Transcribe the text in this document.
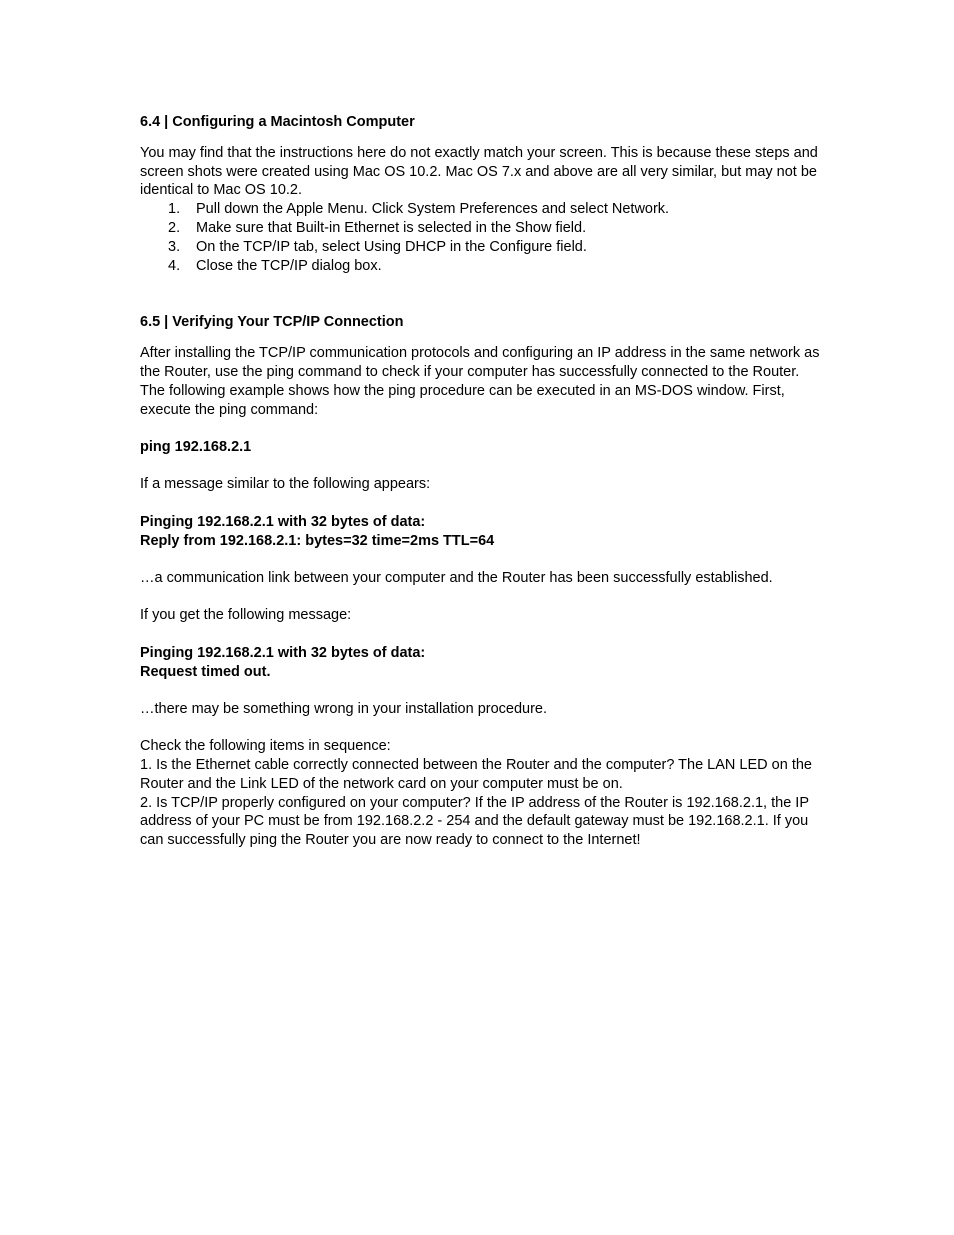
6.4 | Configuring a Macintosh Computer

You may find that the instructions here do not exactly match your screen. This is because these steps and screen shots were created using Mac OS 10.2. Mac OS 7.x and above are all very similar, but may not be identical to Mac OS 10.2.

1. Pull down the Apple Menu. Click System Preferences and select Network.
2. Make sure that Built-in Ethernet is selected in the Show field.
3. On the TCP/IP tab, select Using DHCP in the Configure field.
4. Close the TCP/IP dialog box.
6.5 | Verifying Your TCP/IP Connection

After installing the TCP/IP communication protocols and configuring an IP address in the same network as the Router, use the ping command to check if your computer has successfully connected to the Router. The following example shows how the ping procedure can be executed in an MS-DOS window. First, execute the ping command:

ping 192.168.2.1

If a message similar to the following appears:

Pinging 192.168.2.1 with 32 bytes of data:

Reply from 192.168.2.1: bytes=32 time=2ms TTL=64

…a communication link between your computer and the Router has been successfully established.

If you get the following message:

Pinging 192.168.2.1 with 32 bytes of data:

Request timed out.

…there may be something wrong in your installation procedure.

Check the following items in sequence:

1. Is the Ethernet cable correctly connected between the Router and the computer? The LAN LED on the Router and the Link LED of the network card on your computer must be on.

2. Is TCP/IP properly configured on your computer? If the IP address of the Router is 192.168.2.1, the IP address of your PC must be from 192.168.2.2 - 254 and the default gateway must be 192.168.2.1. If you can successfully ping the Router you are now ready to connect to the Internet!
